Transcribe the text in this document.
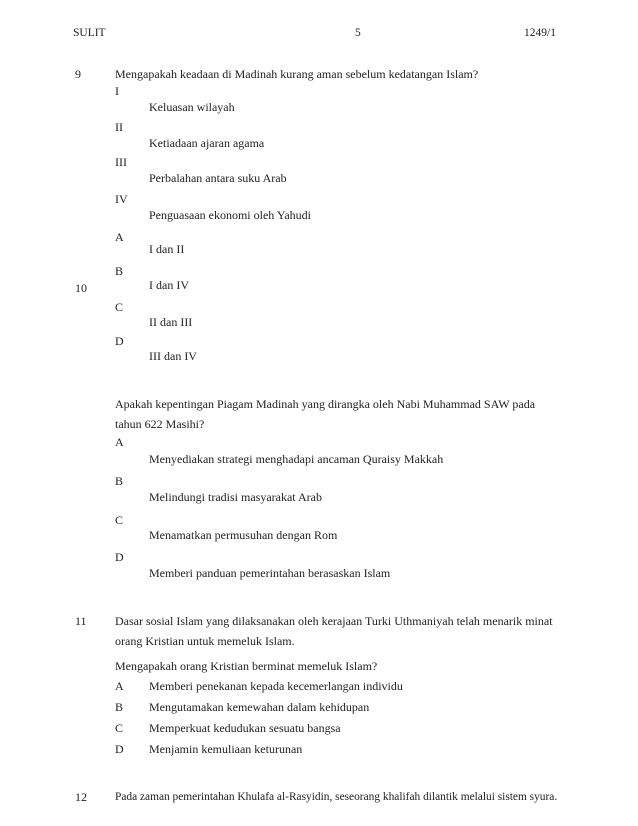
SULIT	5	1249/1
9	Mengapakah keadaan di Madinah kurang aman sebelum kedatangan Islam?
I
Keluasan wilayah
II
Ketiadaan ajaran agama
III
Perbalahan antara suku Arab
IV
Penguasaan ekonomi oleh Yahudi
A
I dan II
B
I dan IV
C
II dan III
D
III dan IV
10
Apakah kepentingan Piagam Madinah yang dirangka oleh Nabi Muhammad SAW pada
tahun 622 Masihi?
A
Menyediakan strategi menghadapi ancaman Quraisy Makkah
B
Melindungi tradisi masyarakat Arab
C
Menamatkan permusuhan dengan Rom
D
Memberi panduan pemerintahan berasaskan Islam
11 Dasar sosial Islam yang dilaksanakan oleh kerajaan Turki Uthmaniyah telah menarik minat
orang Kristian untuk memeluk Islam.
Mengapakah orang Kristian berminat memeluk Islam?
A Memberi penekanan kepada kecemerlangan individu
B Mengutamakan kemewahan dalam kehidupan
C Memperkuat kedudukan sesuatu bangsa
D Menjamin kemuliaan keturunan
12 Pada zaman pemerintahan Khulafa al-Rasyidin, seseorang khalifah dilantik melalui sistem syura.
